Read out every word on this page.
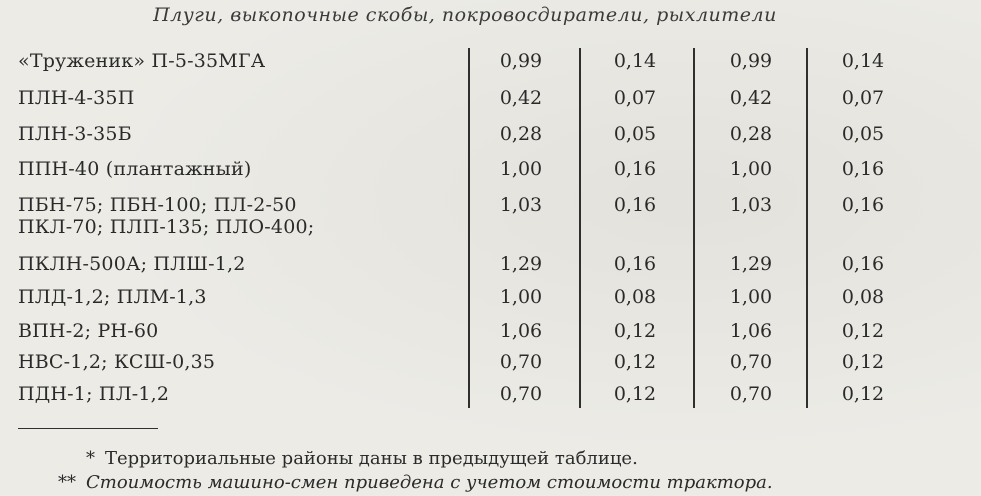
Плуги, выкопочные скобы, покровосдиратели, рыхлители
«Труженик» П-5-35МГА	0,99	0,14	0,99	0,14
ПЛН-4-35П	0,42	0,07	0,42	0,07
ПЛН-3-35Б	0,28	0,05	0,28	0,05
ППН-40 (плантажный)	1,00	0,16	1,00	0,16
ПБН-75; ПБН-100; ПЛ-2-50	1,03	0,16	1,03	0,16
ПКЛ-70; ПЛП-135; ПЛО-400;
ПКЛН-500А; ПЛШ-1,2	1,29	0,16	1,29	0,16
ПЛД-1,2; ПЛМ-1,3	1,00	0,08	1,00	0,08
ВПН-2; РН-60	1,06	0,12	1,06	0,12
НВС-1,2; КСШ-0,35	0,70	0,12	0,70	0,12
ПДН-1; ПЛ-1,2	0,70	0,12	0,70	0,12
* Территориальные районы даны в предыдущей таблице.
** Стоимость машино-смен приведена с учетом стоимости трактора.
